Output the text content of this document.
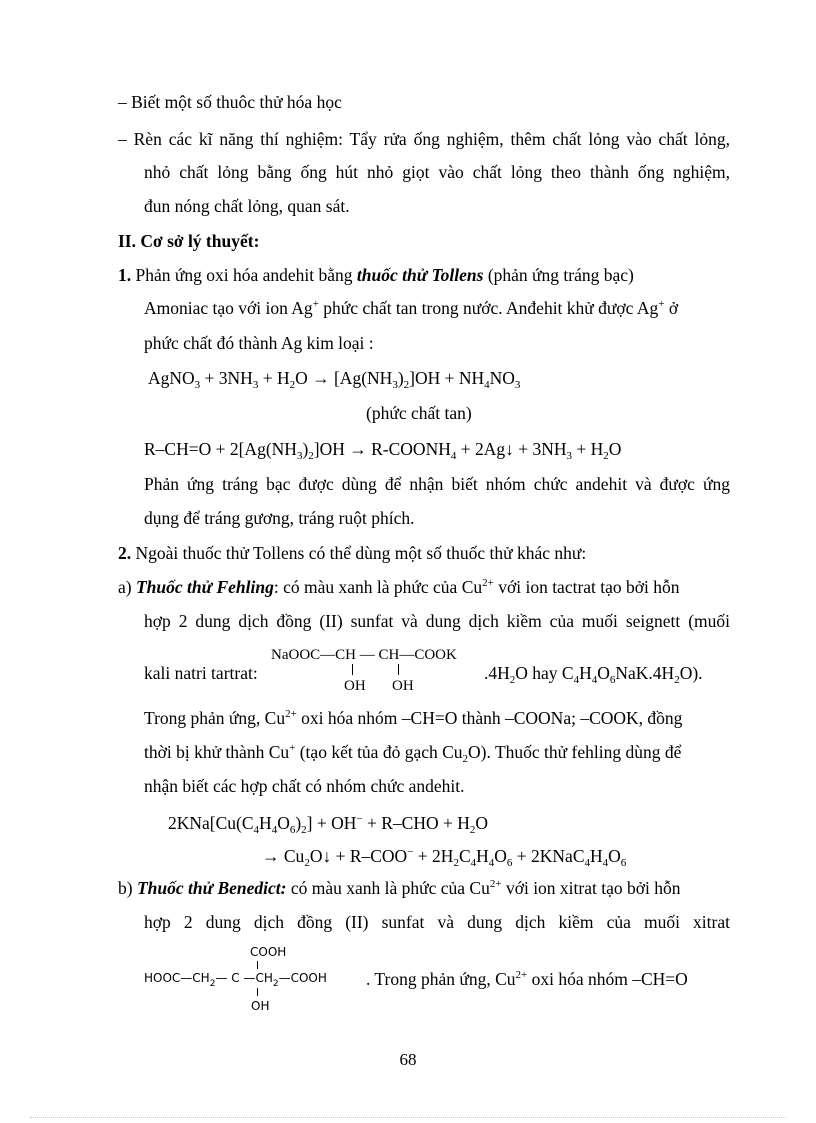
– Biết một số thuôc thử hóa học
– Rèn các kĩ năng thí nghiệm: Tẩy rửa ống nghiệm, thêm chất lỏng vào chất lỏng,
nhỏ chất lỏng bằng ống hút nhỏ giọt vào chất lỏng theo thành ống nghiệm,
đun nóng chất lỏng, quan sát.
II. Cơ sở lý thuyết:
1. Phản ứng oxi hóa andehit bằng thuốc thử Tollens (phản ứng tráng bạc)
Amoniac tạo với ion Ag+ phức chất tan trong nước. Anđehit khử được Ag+ ở
phức chất đó thành Ag kim loại :
AgNO$_3$ + $3NH_3 + H_2O \to [Ag(NH_3)_2]OH + NH_4NO_3$
(phức chất tan)
$R-CH=O + 2[Ag(NH_3)_2]OH$ → $R-COONH_4$ + 2Ag↓ + $3NH_3 + H_2O$
Phản ứng tráng bạc được dùng để nhận biết nhóm chức andehit và được ứng
dụng để tráng gương, tráng ruột phích.
2. Ngoài thuốc thử Tollens có thể dùng một số thuốc thử khác như:
a) Thuốc thử Fehling: có màu xanh là phức của $Cu^{2+}$ với ion tactrat tạo bởi hỗn
hợp 2 dung dịch đồng (II) sunfat và dung dịch kiềm của muối seignett (muối
kali natri tartrat:
NaOOC—CH — CH—COOK
OH OH
$.4H_2O$ hay $C_4H_4O_6NaK.4H_2O$).
Trong phản ứng, $Cu^{2+}$ oxi hóa nhóm –CH=O thành –COONa; –COOK, đồng
thời bị khử thành Cu+ (tạo kết tủa đỏ gạch $Cu_2O$). Thuốc thử fehling dùng để
nhận biết các hợp chất có nhóm chức andehit.
$2KNa[Cu(C_4H_4O_6)_2] + OH^- + R-CHO + H_2O$
→ $Cu_2O↓ + R-COO^- + 2H_2C_4H_4O_6$ + $2KNaC_4H_4O_6$
b) Thuốc thử Benedict: có màu xanh là phức của $Cu^{2+}$ với ion xitrat tạo bởi hỗn
hợp 2 dung dịch đồng (II) sunfat và dung dịch kiềm của muối xitrat
COOH
$HOOC—CH_2—$ C $—CH_2—COOH$
OH
. Trong phản ứng, $Cu^{2+}$ oxi hóa nhóm –CH=O
68
